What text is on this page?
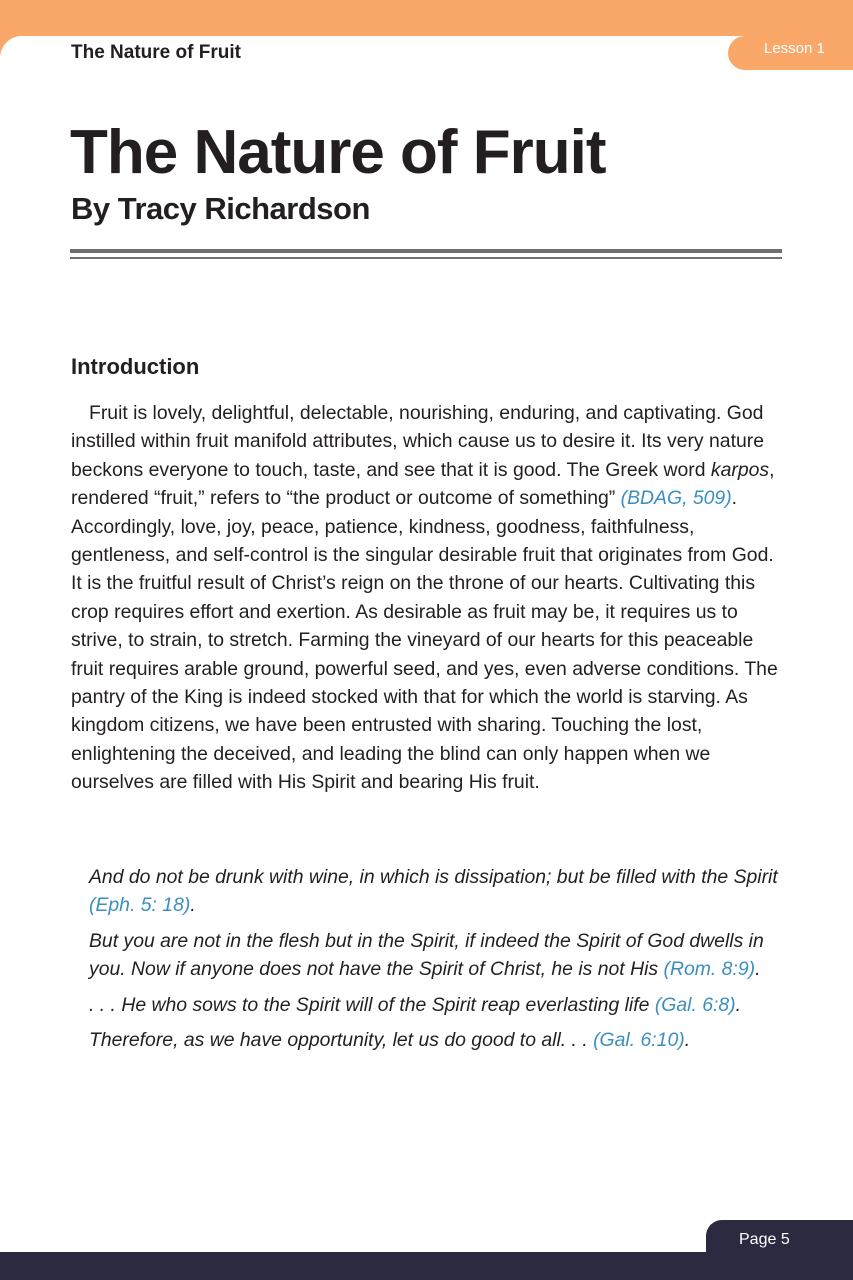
Lesson 1
The Nature of Fruit
The Nature of Fruit
By Tracy Richardson
Introduction

Fruit is lovely, delightful, delectable, nourishing, enduring, and captivating. God instilled within fruit manifold attributes, which cause us to desire it. Its very nature beckons everyone to touch, taste, and see that it is good. The Greek word karpos, rendered “fruit,” refers to “the product or outcome of something” (BDAG, 509). Accordingly, love, joy, peace, patience, kindness, goodness, faithfulness, gentleness, and self-control is the singular desirable fruit that originates from God. It is the fruitful result of Christ’s reign on the throne of our hearts. Cultivating this crop requires effort and exertion. As desirable as fruit may be, it requires us to strive, to strain, to stretch. Farming the vineyard of our hearts for this peaceable fruit requires arable ground, powerful seed, and yes, even adverse conditions. The pantry of the King is indeed stocked with that for which the world is starving. As kingdom citizens, we have been entrusted with sharing. Touching the lost, enlightening the deceived, and leading the blind can only happen when we ourselves are filled with His Spirit and bearing His fruit.

And do not be drunk with wine, in which is dissipation; but be filled with the Spirit (Eph. 5: 18).

But you are not in the flesh but in the Spirit, if indeed the Spirit of God dwells in you. Now if anyone does not have the Spirit of Christ, he is not His (Rom. 8:9).

. . . He who sows to the Spirit will of the Spirit reap everlasting life (Gal. 6:8).

Therefore, as we have opportunity, let us do good to all. . . (Gal. 6:10).

Page 5
